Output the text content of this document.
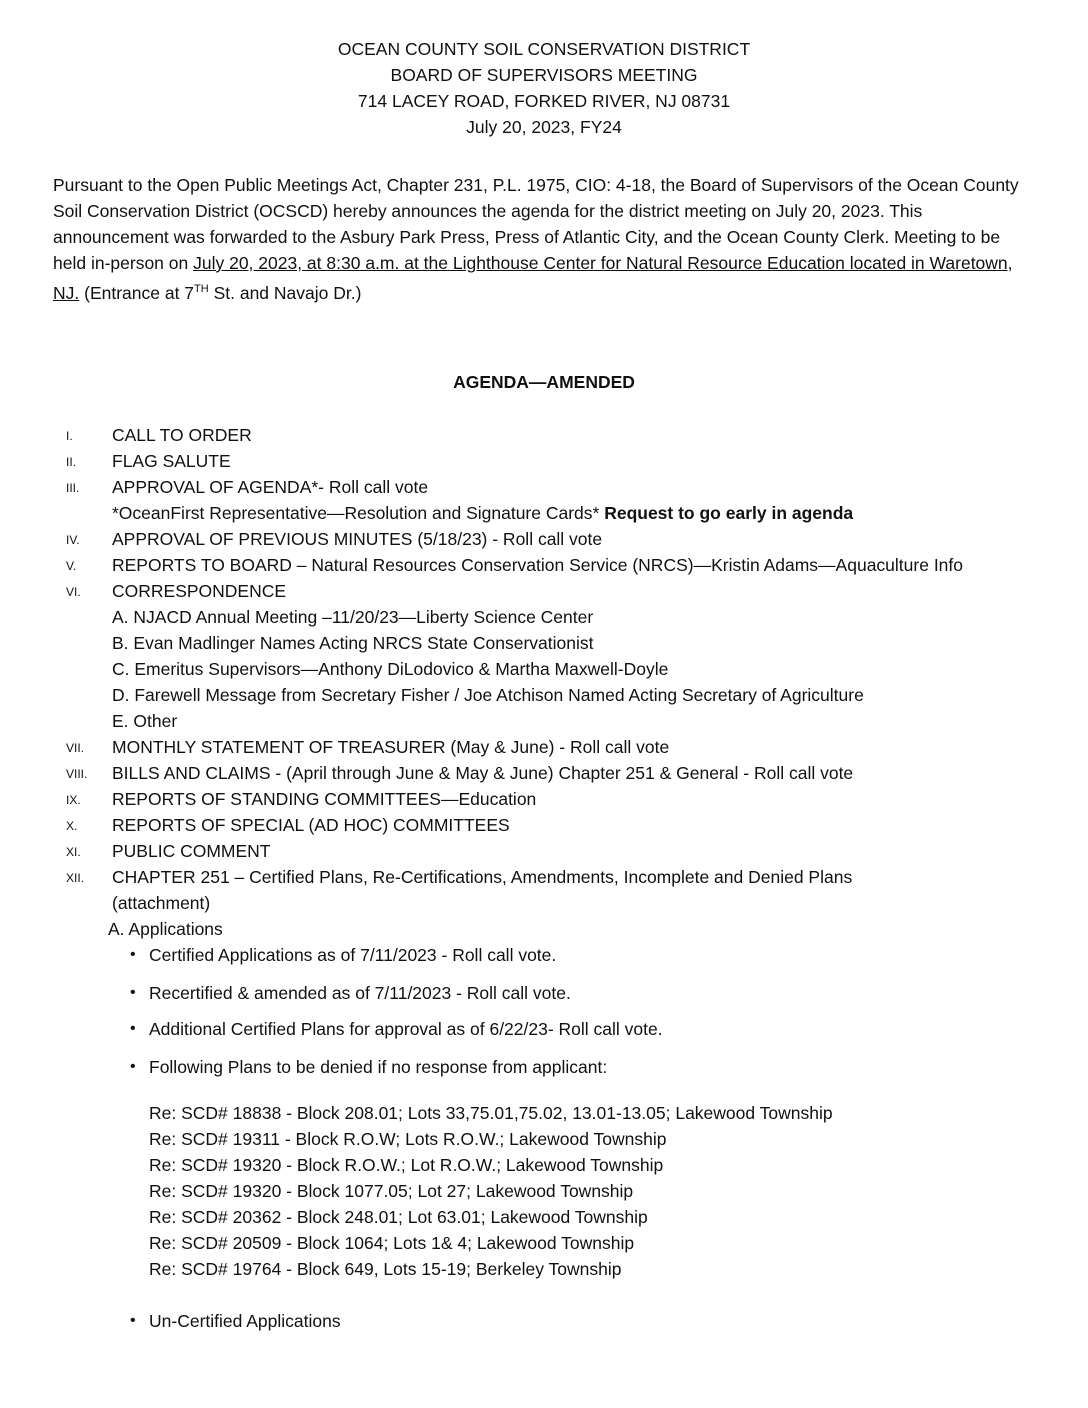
OCEAN COUNTY SOIL CONSERVATION DISTRICT
BOARD OF SUPERVISORS MEETING
714 LACEY ROAD, FORKED RIVER, NJ 08731
July 20, 2023, FY24
Pursuant to the Open Public Meetings Act, Chapter 231, P.L. 1975, CIO: 4-18, the Board of Supervisors of the Ocean County Soil Conservation District (OCSCD) hereby announces the agenda for the district meeting on July 20, 2023. This announcement was forwarded to the Asbury Park Press, Press of Atlantic City, and the Ocean County Clerk. Meeting to be held in-person on July 20, 2023, at 8:30 a.m. at the Lighthouse Center for Natural Resource Education located in Waretown, NJ. (Entrance at 7TH St. and Navajo Dr.)
AGENDA—AMENDED
I. CALL TO ORDER
II. FLAG SALUTE
III. APPROVAL OF AGENDA*- Roll call vote
*OceanFirst Representative—Resolution and Signature Cards* Request to go early in agenda
IV. APPROVAL OF PREVIOUS MINUTES (5/18/23) - Roll call vote
V. REPORTS TO BOARD – Natural Resources Conservation Service (NRCS)—Kristin Adams—Aquaculture Info
VI. CORRESPONDENCE
A. NJACD Annual Meeting –11/20/23—Liberty Science Center
B. Evan Madlinger Names Acting NRCS State Conservationist
C. Emeritus Supervisors—Anthony DiLodovico & Martha Maxwell-Doyle
D. Farewell Message from Secretary Fisher / Joe Atchison Named Acting Secretary of Agriculture
E. Other
VII. MONTHLY STATEMENT OF TREASURER (May & June) - Roll call vote
VIII. BILLS AND CLAIMS - (April through June & May & June) Chapter 251 & General - Roll call vote
IX. REPORTS OF STANDING COMMITTEES—Education
X. REPORTS OF SPECIAL (AD HOC) COMMITTEES
XI. PUBLIC COMMENT
XII. CHAPTER 251 – Certified Plans, Re-Certifications, Amendments, Incomplete and Denied Plans
(attachment)
A. Applications
• Certified Applications as of 7/11/2023 - Roll call vote.
• Recertified & amended as of 7/11/2023 - Roll call vote.
• Additional Certified Plans for approval as of 6/22/23- Roll call vote.
• Following Plans to be denied if no response from applicant:
Re: SCD# 18838 - Block 208.01; Lots 33,75.01,75.02, 13.01-13.05; Lakewood Township
Re: SCD# 19311 - Block R.O.W; Lots R.O.W.; Lakewood Township
Re: SCD# 19320 - Block R.O.W.; Lot R.O.W.; Lakewood Township
Re: SCD# 19320 - Block 1077.05; Lot 27; Lakewood Township
Re: SCD# 20362 - Block 248.01; Lot 63.01; Lakewood Township
Re: SCD# 20509 - Block 1064; Lots 1& 4; Lakewood Township
Re: SCD# 19764 - Block 649, Lots 15-19; Berkeley Township
• Un-Certified Applications
